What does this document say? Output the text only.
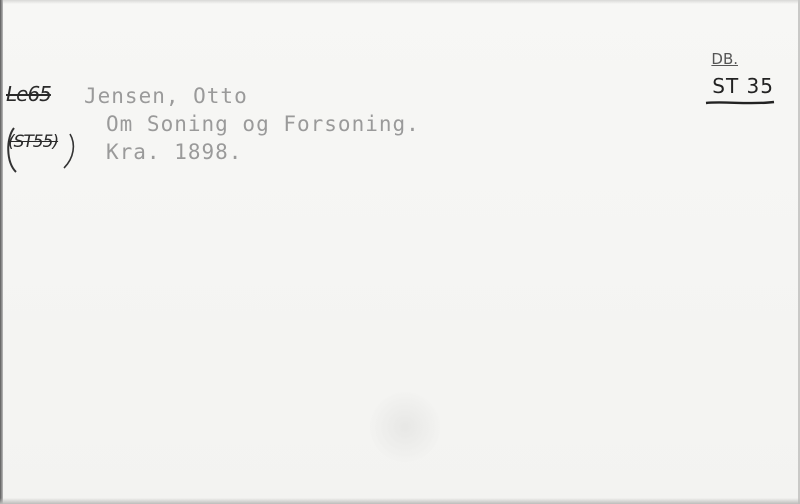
Le65
(ST55)

Jensen, Otto

Om Soning og Forsoning.

Kra. 1898.

DB.
ST 35
